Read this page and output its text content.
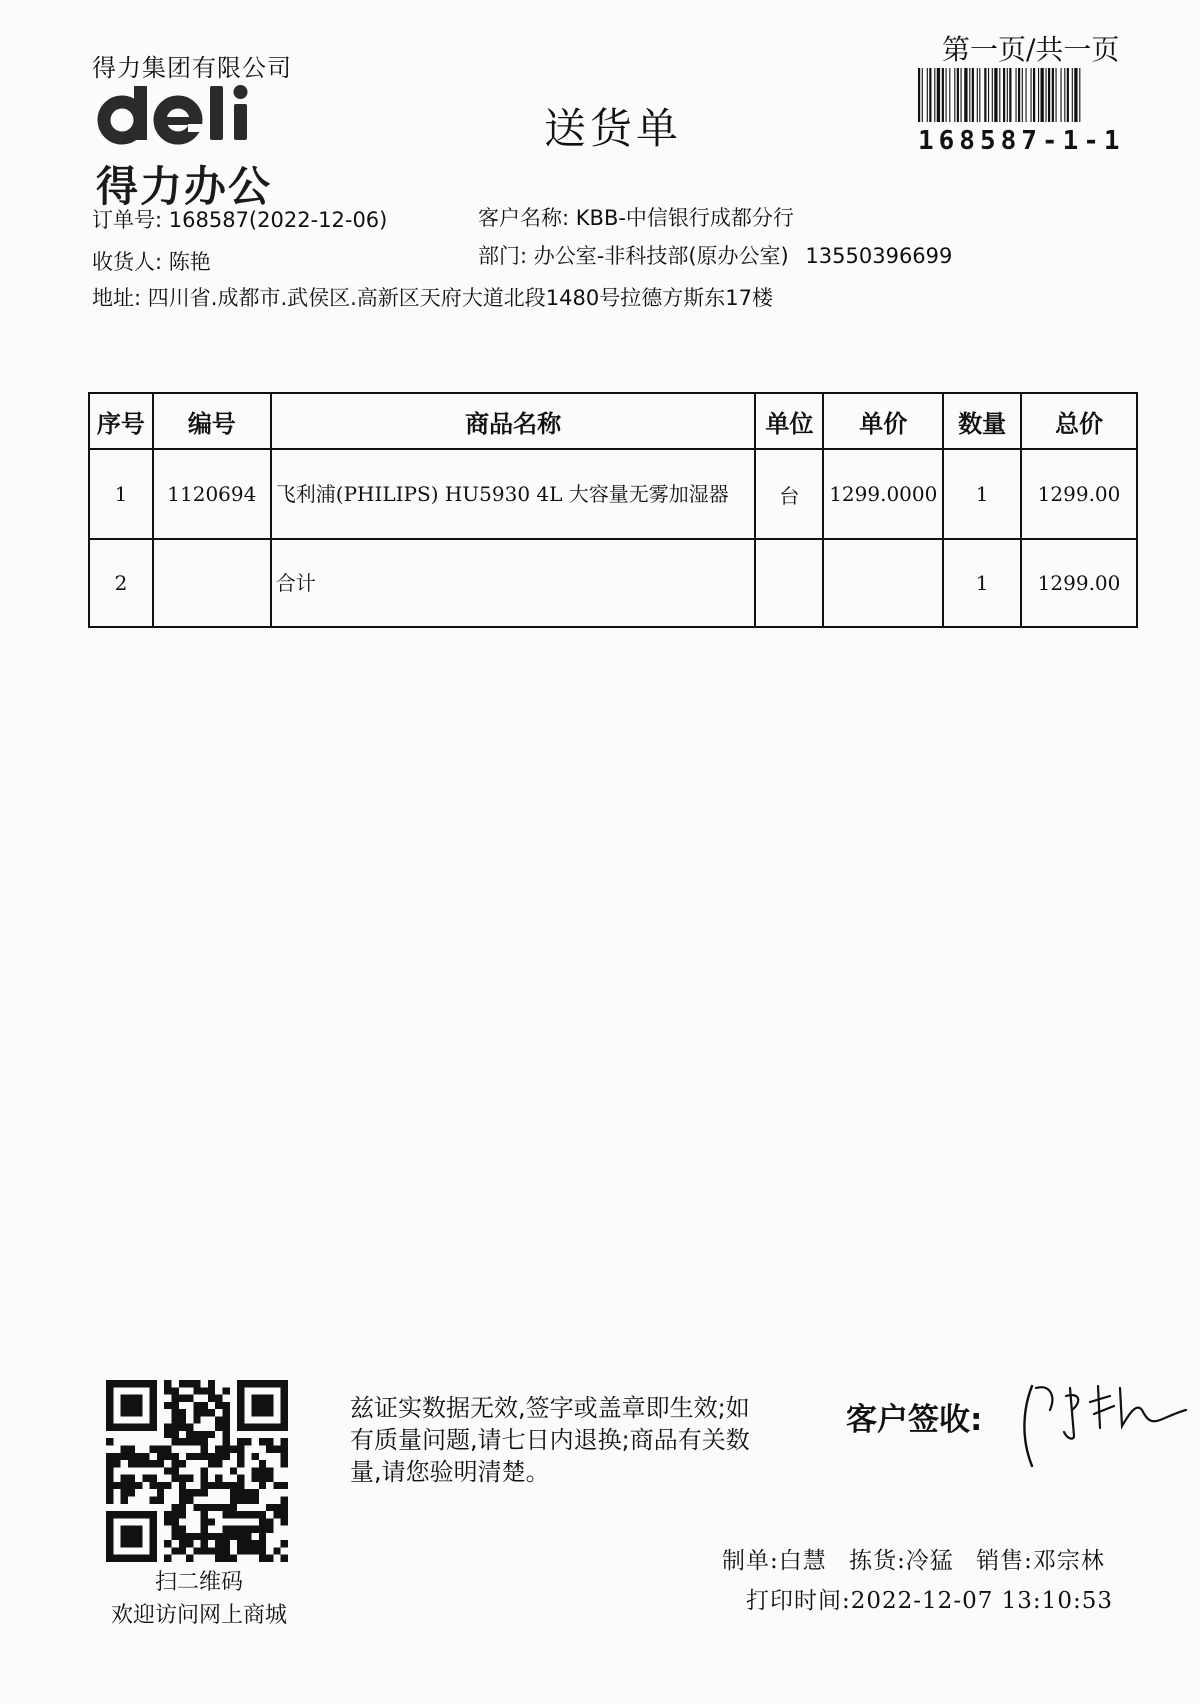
得力集团有限公司
得力办公
送货单
第一页/共一页
168587-1-1
订单号: 168587(2022-12-06)	客户名称: KBB-中信银行成都分行
收货人: 陈艳	部门: 办公室-非科技部(原办公室) 13550396699
地址: 四川省.成都市.武侯区.高新区天府大道北段1480号拉德方斯东17楼
序号	编号	商品名称	单位	单价	数量	总价
1	1120694	飞利浦(PHILIPS) HU5930 4L 大容量无雾加湿器	台	1299.0000	1	1299.00
2		合计			1	1299.00
扫二维码
欢迎访问网上商城
兹证实数据无效,签字或盖章即生效;如有质量问题,请七日内退换;商品有关数量,请您验明清楚。
客户签收:
制单:白慧 拣货:冷猛 销售:邓宗林
打印时间:2022-12-07 13:10:53
